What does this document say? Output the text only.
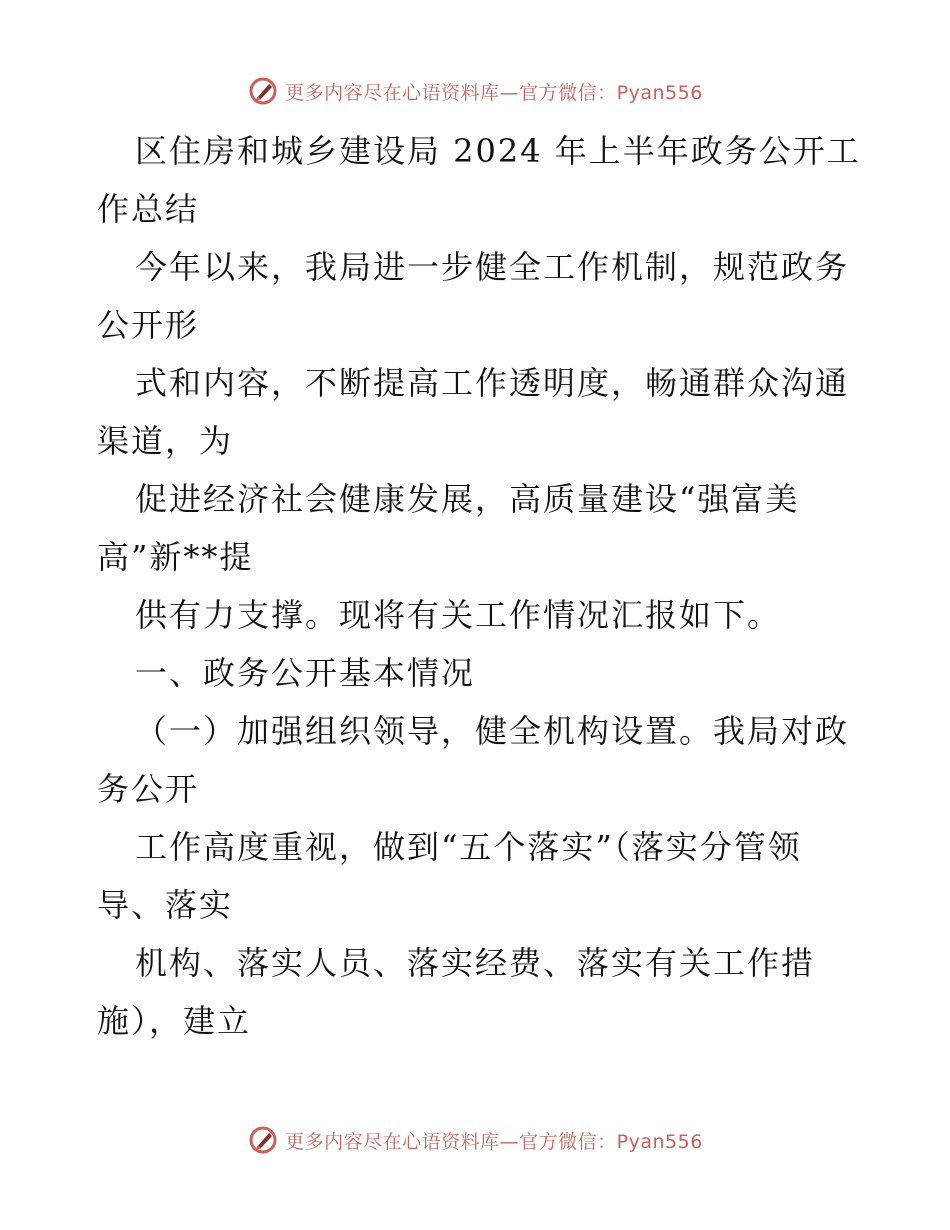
更多内容尽在心语资料库—官方微信：Pyan556

区住房和城乡建设局 2024 年上半年政务公开工

作总结

今年以来，我局进一步健全工作机制，规范政务

公开形

式和内容，不断提高工作透明度，畅通群众沟通

渠道，为

促进经济社会健康发展，高质量建设“强富美

高”新**提

供有力支撑。现将有关工作情况汇报如下。

一、政务公开基本情况

（一）加强组织领导，健全机构设置。我局对政

务公开

工作高度重视，做到“五个落实”（落实分管领

导、落实

机构、落实人员、落实经费、落实有关工作措

施），建立

更多内容尽在心语资料库—官方微信：Pyan556
